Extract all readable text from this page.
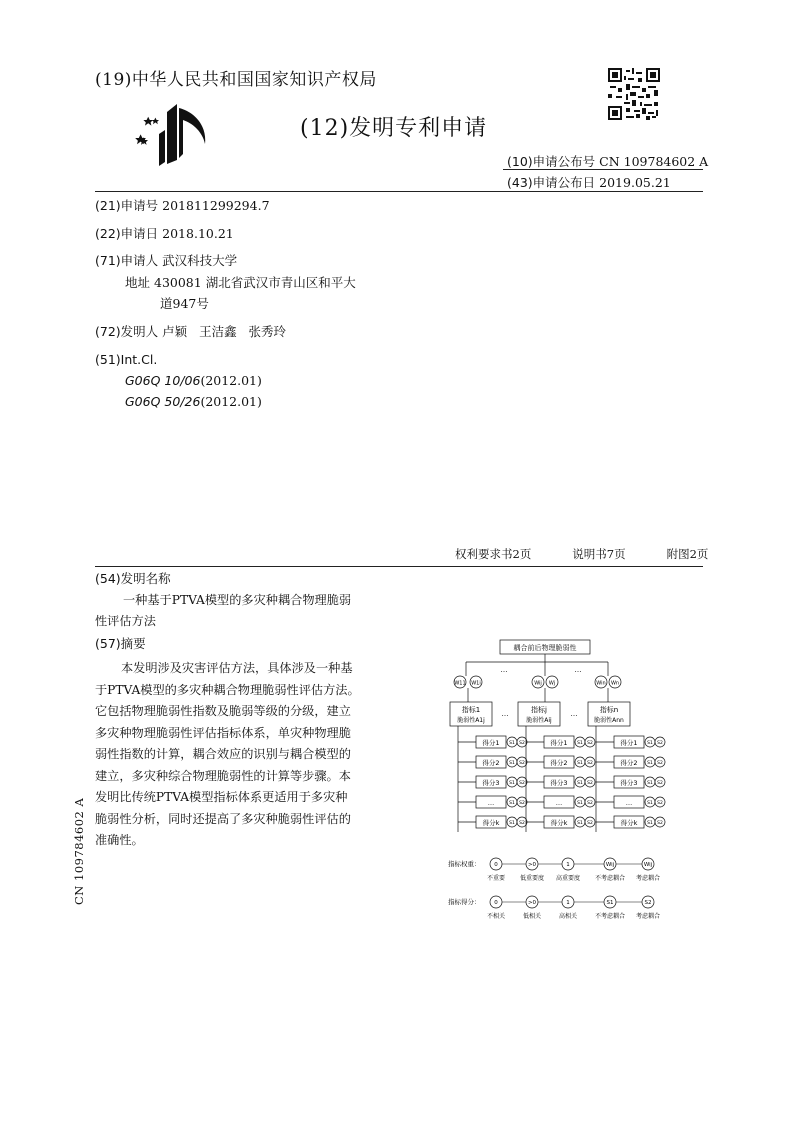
(19)中华人民共和国国家知识产权局
(12)发明专利申请
(10)申请公布号 CN 109784602 A
(43)申请公布日 2019.05.21
(21)申请号 201811299294.7
(22)申请日 2018.10.21
(71)申请人 武汉科技大学
地址 430081 湖北省武汉市青山区和平大
道947号
(72)发明人 卢颖   王洁鑫   张秀玲
(51)Int.Cl.
G06Q 10/06(2012.01)
G06Q 50/26(2012.01)
权利要求书2页   说明书7页   附图2页
(54)发明名称
一种基于PTVA模型的多灾种耦合物理脆弱
性评估方法
(57)摘要
本发明涉及灾害评估方法，具体涉及一种基
于PTVA模型的多灾种耦合物理脆弱性评估方法。
它包括物理脆弱性指数及脆弱等级的分级，建立
多灾种物理脆弱性评估指标体系，单灾种物理脆
弱性指数的计算，耦合效应的识别与耦合模型的
建立，多灾种综合物理脆弱性的计算等步骤。本
发明比传统PTVA模型指标体系更适用于多灾种
脆弱性分析，同时还提高了多灾种脆弱性评估的
准确性。
耦合前后物理脆弱性
…	…
W11 W1i	Wij Wj	Win Wn
指标1
脆弱性A1j
指标j
脆弱性Aij
指标n
脆弱性Ann
…	…
得分1 S1 S2
得分2 S1 S2
得分3 S1 S2
…	S1 S2
得分k S1 S2
得分1 S1 S2
得分2 S1 S2
得分3 S1 S2
…	S1 S2
得分k S1 S2
得分1 S1 S2
得分2 S1 S2
得分3 S1 S2
…	S1 S2
得分k S1 S2
指标权重：
指标得分：
0
不重要
>0
低重要度
1
高重要度
Wij
不考虑耦合
Wij
考虑耦合
0
不相关
>0
低相关
1
高相关
S1
不考虑耦合
S2
考虑耦合
CN 109784602 A
